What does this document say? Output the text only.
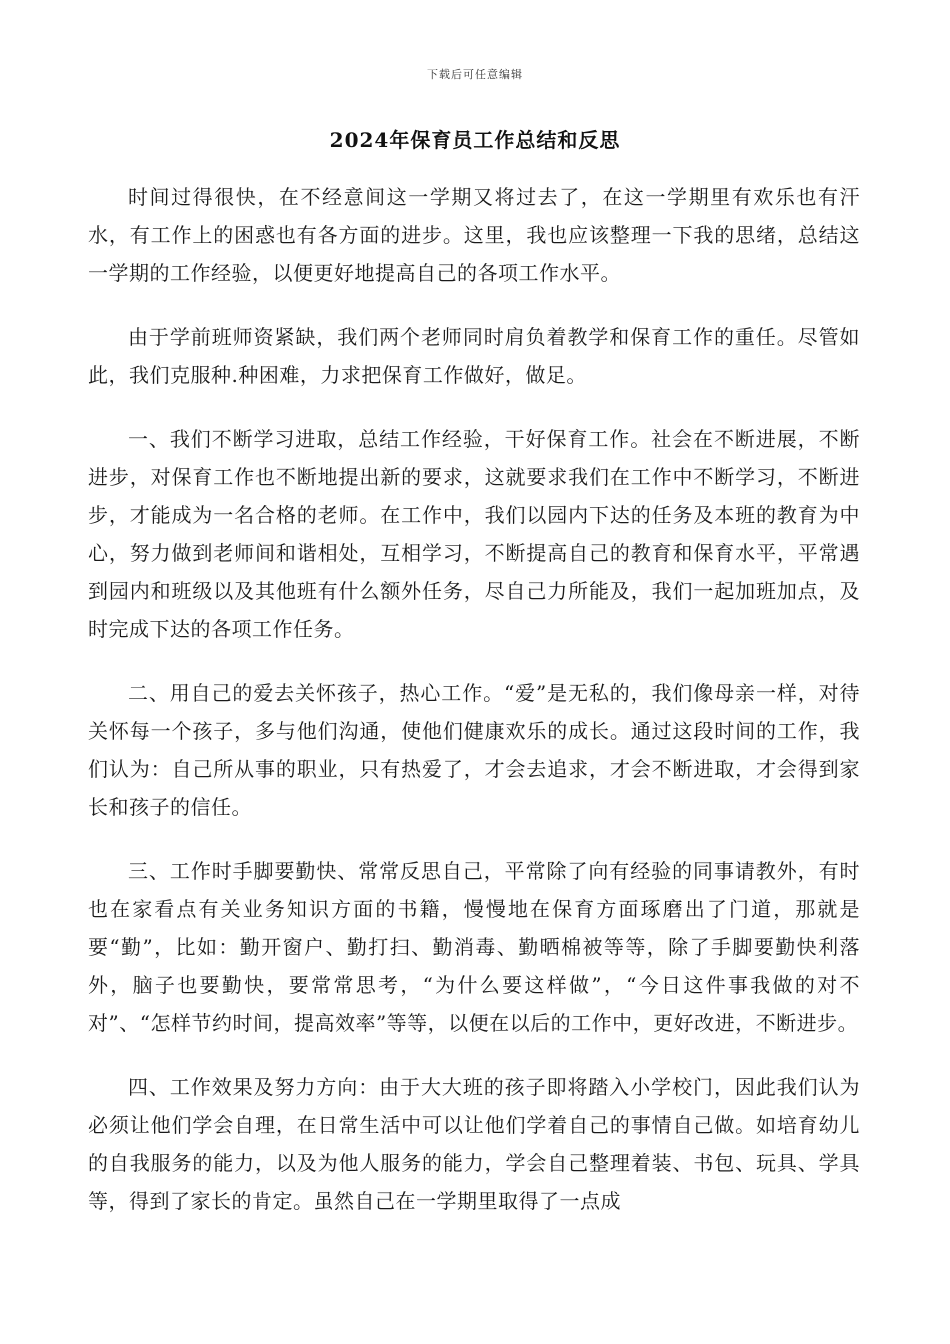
下载后可任意编辑
2024年保育员工作总结和反思

时间过得很快，在不经意间这一学期又将过去了，在这一学期里有欢乐也有汗水，有工作上的困惑也有各方面的进步。这里，我也应该整理一下我的思绪，总结这一学期的工作经验，以便更好地提高自己的各项工作水平。

由于学前班师资紧缺，我们两个老师同时肩负着教学和保育工作的重任。尽管如此，我们克服种.种困难，力求把保育工作做好，做足。

一、我们不断学习进取，总结工作经验，干好保育工作。社会在不断进展，不断进步，对保育工作也不断地提出新的要求，这就要求我们在工作中不断学习，不断进步，才能成为一名合格的老师。在工作中，我们以园内下达的任务及本班的教育为中心，努力做到老师间和谐相处，互相学习，不断提高自己的教育和保育水平，平常遇到园内和班级以及其他班有什么额外任务，尽自己力所能及，我们一起加班加点，及时完成下达的各项工作任务。

二、用自己的爱去关怀孩子，热心工作。“爱”是无私的，我们像母亲一样，对待关怀每一个孩子，多与他们沟通，使他们健康欢乐的成长。通过这段时间的工作，我们认为：自己所从事的职业，只有热爱了，才会去追求，才会不断进取，才会得到家长和孩子的信任。

三、工作时手脚要勤快、常常反思自己，平常除了向有经验的同事请教外，有时也在家看点有关业务知识方面的书籍，慢慢地在保育方面琢磨出了门道，那就是要“勤”，比如：勤开窗户、勤打扫、勤消毒、勤晒棉被等等，除了手脚要勤快利落外，脑子也要勤快，要常常思考，“为什么要这样做”，“今日这件事我做的对不对”、“怎样节约时间，提高效率”等等，以便在以后的工作中，更好改进，不断进步。

四、工作效果及努力方向：由于大大班的孩子即将踏入小学校门，因此我们认为必须让他们学会自理，在日常生活中可以让他们学着自己的事情自己做。如培育幼儿的自我服务的能力，以及为他人服务的能力，学会自己整理着装、书包、玩具、学具等，得到了家长的肯定。虽然自己在一学期里取得了一点成
